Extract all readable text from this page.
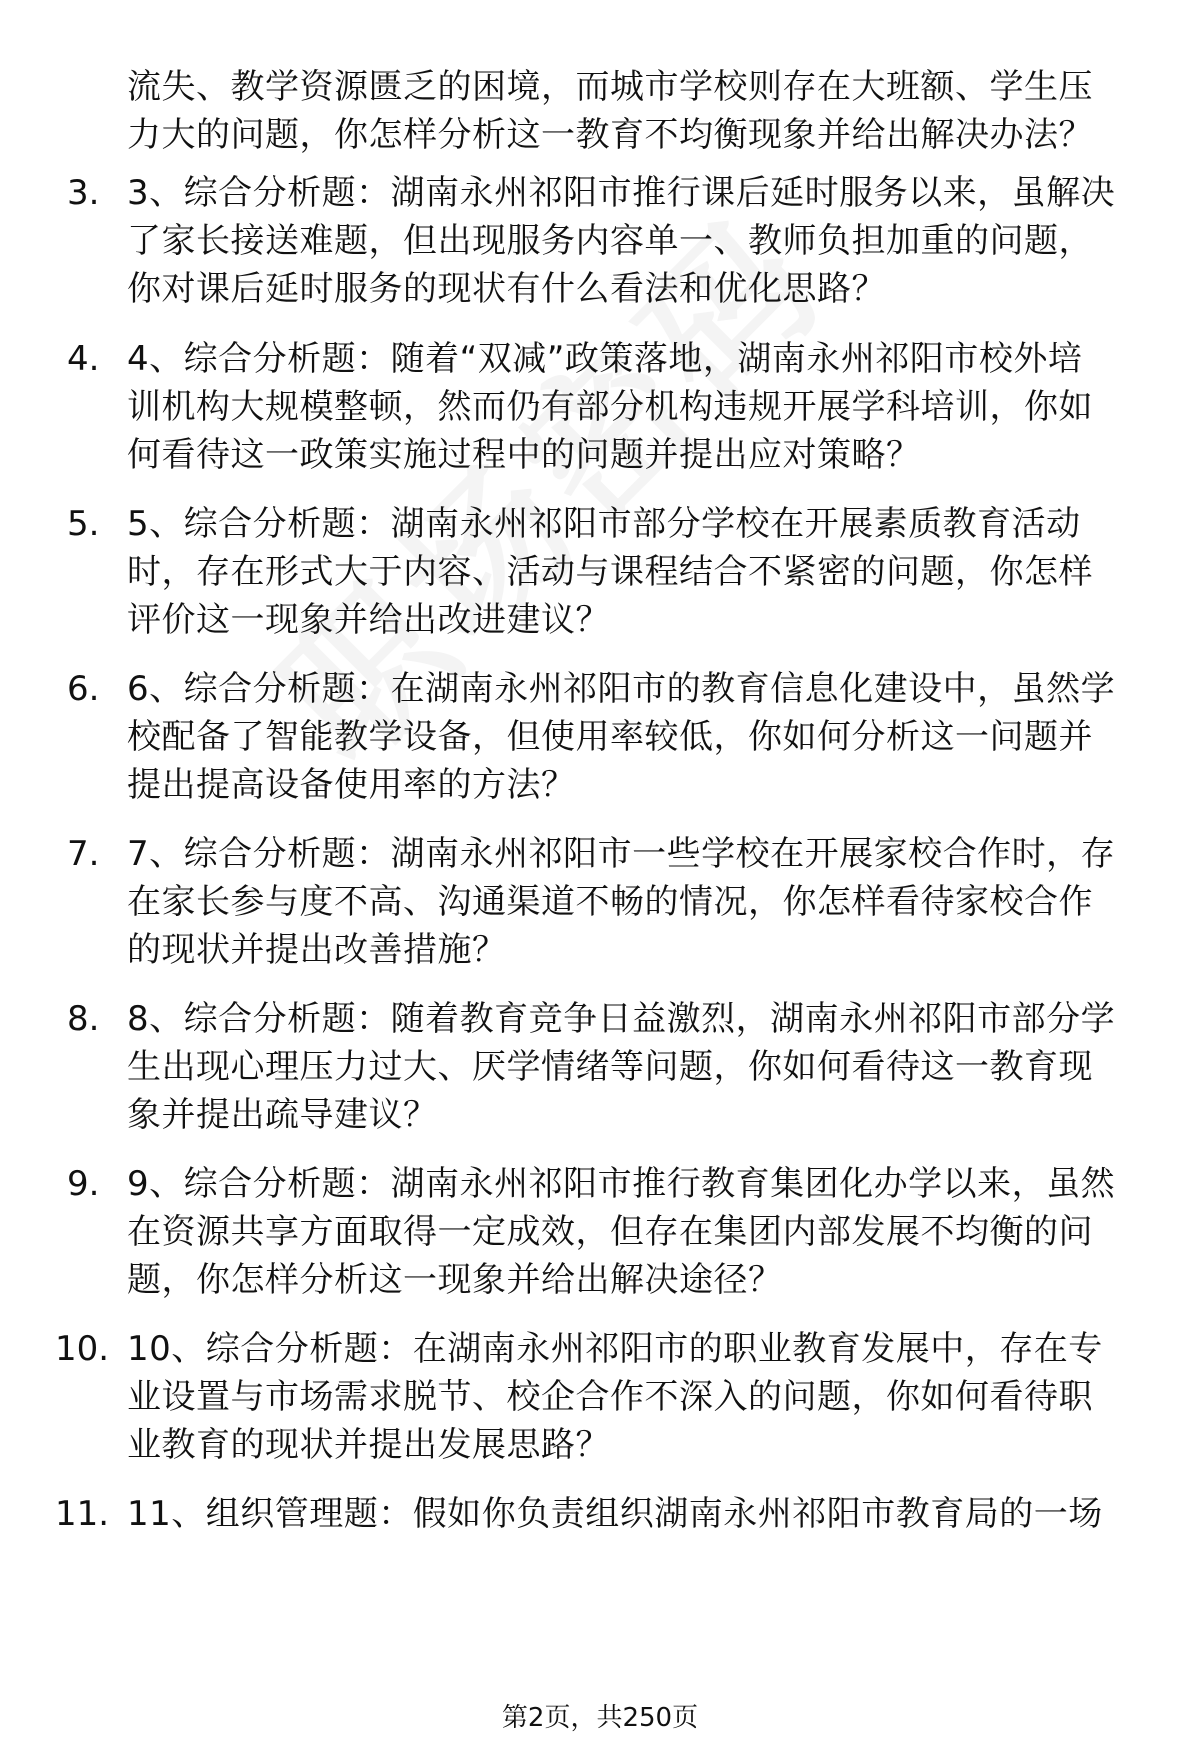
流失、教学资源匮乏的困境，而城市学校则存在大班额、学生压
力大的问题，你怎样分析这一教育不均衡现象并给出解决办法？
3. 3、综合分析题：湖南永州祁阳市推行课后延时服务以来，虽解决
了家长接送难题，但出现服务内容单一、教师负担加重的问题，
你对课后延时服务的现状有什么看法和优化思路？
4. 4、综合分析题：随着“双减”政策落地，湖南永州祁阳市校外培
训机构大规模整顿，然而仍有部分机构违规开展学科培训，你如
何看待这一政策实施过程中的问题并提出应对策略？
5. 5、综合分析题：湖南永州祁阳市部分学校在开展素质教育活动
时，存在形式大于内容、活动与课程结合不紧密的问题，你怎样
评价这一现象并给出改进建议？
6. 6、综合分析题：在湖南永州祁阳市的教育信息化建设中，虽然学
校配备了智能教学设备，但使用率较低，你如何分析这一问题并
提出提高设备使用率的方法？
7. 7、综合分析题：湖南永州祁阳市一些学校在开展家校合作时，存
在家长参与度不高、沟通渠道不畅的情况，你怎样看待家校合作
的现状并提出改善措施？
8. 8、综合分析题：随着教育竞争日益激烈，湖南永州祁阳市部分学
生出现心理压力过大、厌学情绪等问题，你如何看待这一教育现
象并提出疏导建议？
9. 9、综合分析题：湖南永州祁阳市推行教育集团化办学以来，虽然
在资源共享方面取得一定成效，但存在集团内部发展不均衡的问
题，你怎样分析这一现象并给出解决途径？
10. 10、综合分析题：在湖南永州祁阳市的职业教育发展中，存在专
业设置与市场需求脱节、校企合作不深入的问题，你如何看待职
业教育的现状并提出发展思路？
11. 11、组织管理题：假如你负责组织湖南永州祁阳市教育局的一场
第2页，共250页
